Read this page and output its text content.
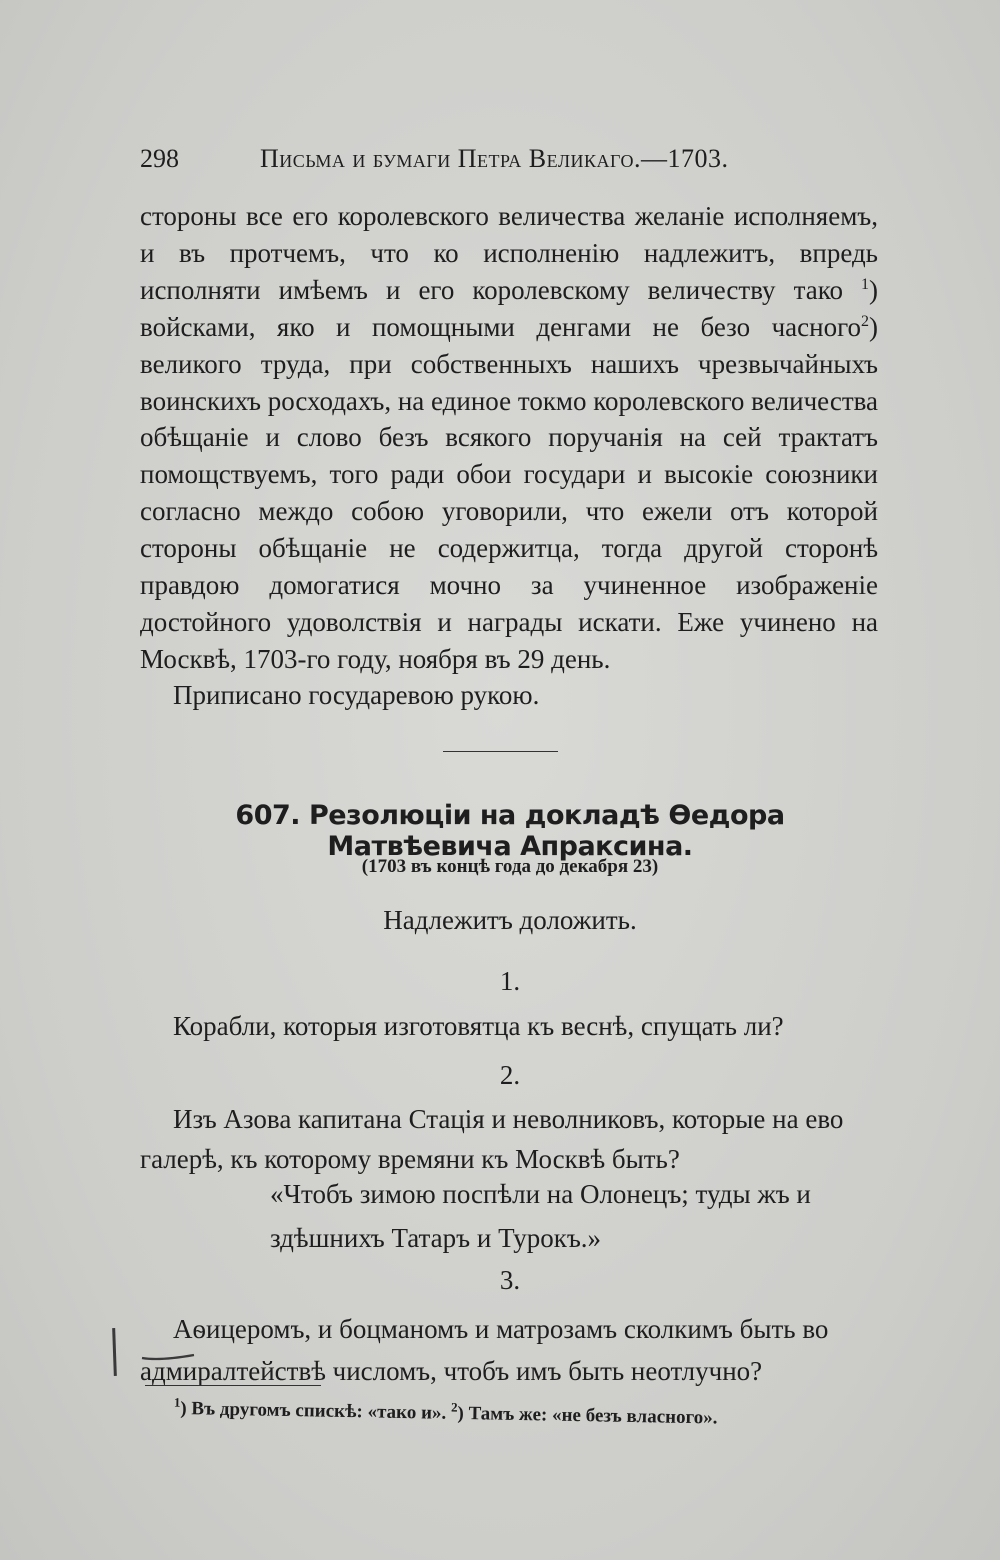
298	Письма и бумаги Петра Великаго.—1703.

стороны все его королевского величества желаніе исполняемъ, и въ протчемъ, что ко исполненію надлежитъ, впредь исполняти имѣемъ и его королевскому величеству тако $^1$) войсками, яко и помощными денгами не безо часного$^2$) великого труда, при собственныхъ нашихъ чрезвычайныхъ воинскихъ росходахъ, на единое токмо королевского величества обѣщаніе и слово безъ всякого поручанія на сей трактатъ помощствуемъ, того ради обои государи и высокіе союзники согласно междо собою уговорили, что ежели отъ которой стороны обѣщаніе не содержитца, тогда другой сторонѣ правдою домогатися мочно за учиненное изображеніе достойного удоволствія и награды искати. Еже учинено на Москвѣ, 1703-го году, ноября въ 29 день.

Приписано государевою рукою.
607. Резолюціи на докладѣ Ѳедора Матвѣевича Апраксина.
(1703 въ концѣ года до декабря 23)
Надлежитъ доложить.
1.
Корабли, которыя изготовятца къ веснѣ, спущать ли?
2.
Изъ Азова капитана Стація и неволниковъ, которые на ево галерѣ, къ которому времяни къ Москвѣ быть?
«Чтобъ зимою поспѣли на Олонецъ; туды жъ и здѣшнихъ Татаръ и Турокъ.»
3.
Аѳицеромъ, и боцманомъ и матрозамъ сколкимъ быть во адмиралтействѣ числомъ, чтобъ имъ быть неотлучно?
$^1$) Въ другомъ спискѣ: «тако и». $^2$) Тамъ же: «не безъ власного».
